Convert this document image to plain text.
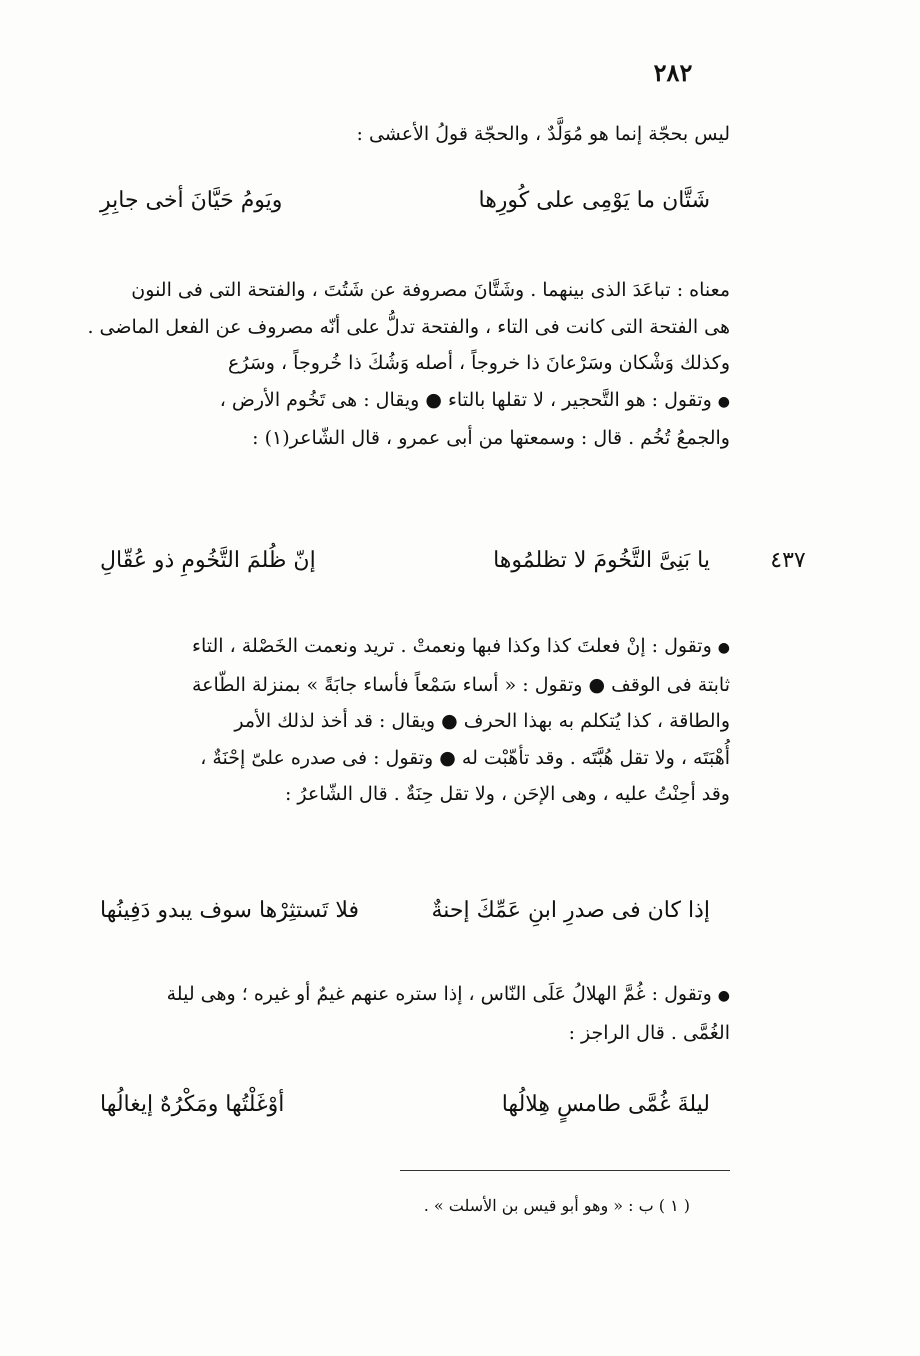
٢٨٢

ليس بحجّة إنما هو مُوَلَّدٌ ، والحجّة قولُ الأعشى :

شَتَّان ما يَوْمِى على كُورِها
ويَومُ حَيَّانَ أخى جابِرِ

معناه : تباعَدَ الذى بينهما . وشَتَّانَ مصروفة عن شَتُتَ ، والفتحة التى فى النون

هى الفتحة التى كانت فى التاء ، والفتحة تدلُّ على أنّه مصروف عن الفعل الماضى .

وكذلك وَشْكان وسَرْعانَ ذا خروجاً ، أصله وَشُكَ ذا خُروجاً ، وسَرُع

●وتقول : هو التَّحجير ، لا تقلها بالتاء ● ويقال : هى تَخُوم الأرض ،

والجمعُ تُخُم . قال : وسمعتها من أبى عمرو ، قال الشّاعر(١) :

٤٣٧
يا بَنِىَّ التَّخُومَ لا تظلمُوها
إنّ ظُلمَ التَّخُومِ ذو عُقّالِ

●وتقول : إنْ فعلتَ كذا وكذا فبها ونعمتْ . تريد ونعمت الخَصْلة ، التاء

ثابتة فى الوقف ● وتقول : « أساء سَمْعاً فأساء جابَةً » بمنزلة الطّاعة

والطاقة ، كذا يُتكلم به بهذا الحرف ● ويقال : قد أخذ لذلك الأمر

أُهْبَتَه ، ولا تقل هُبَّتَه . وقد تأهّبْت له ● وتقول : فى صدره علىّ إحْنَةٌ ،

وقد أحِنْتُ عليه ، وهى الإحَن ، ولا تقل حِنَةٌ . قال الشّاعرُ :

إذا كان فى صدرِ ابنِ عَمِّكَ إحنةٌ
فلا تَستثِرْها سوف يبدو دَفِينُها

●وتقول : غُمَّ الهلالُ عَلَى النّاس ، إذا ستره عنهم غيمٌ أو غيره ؛ وهى ليلة

الغُمَّى . قال الراجز :

ليلةَ غُمَّى طامسٍ هِلالُها
أوْغَلْتُها ومَكْرُهٌ إيغالُها
( ١ ) ب : « وهو أبو قيس بن الأسلت » .
